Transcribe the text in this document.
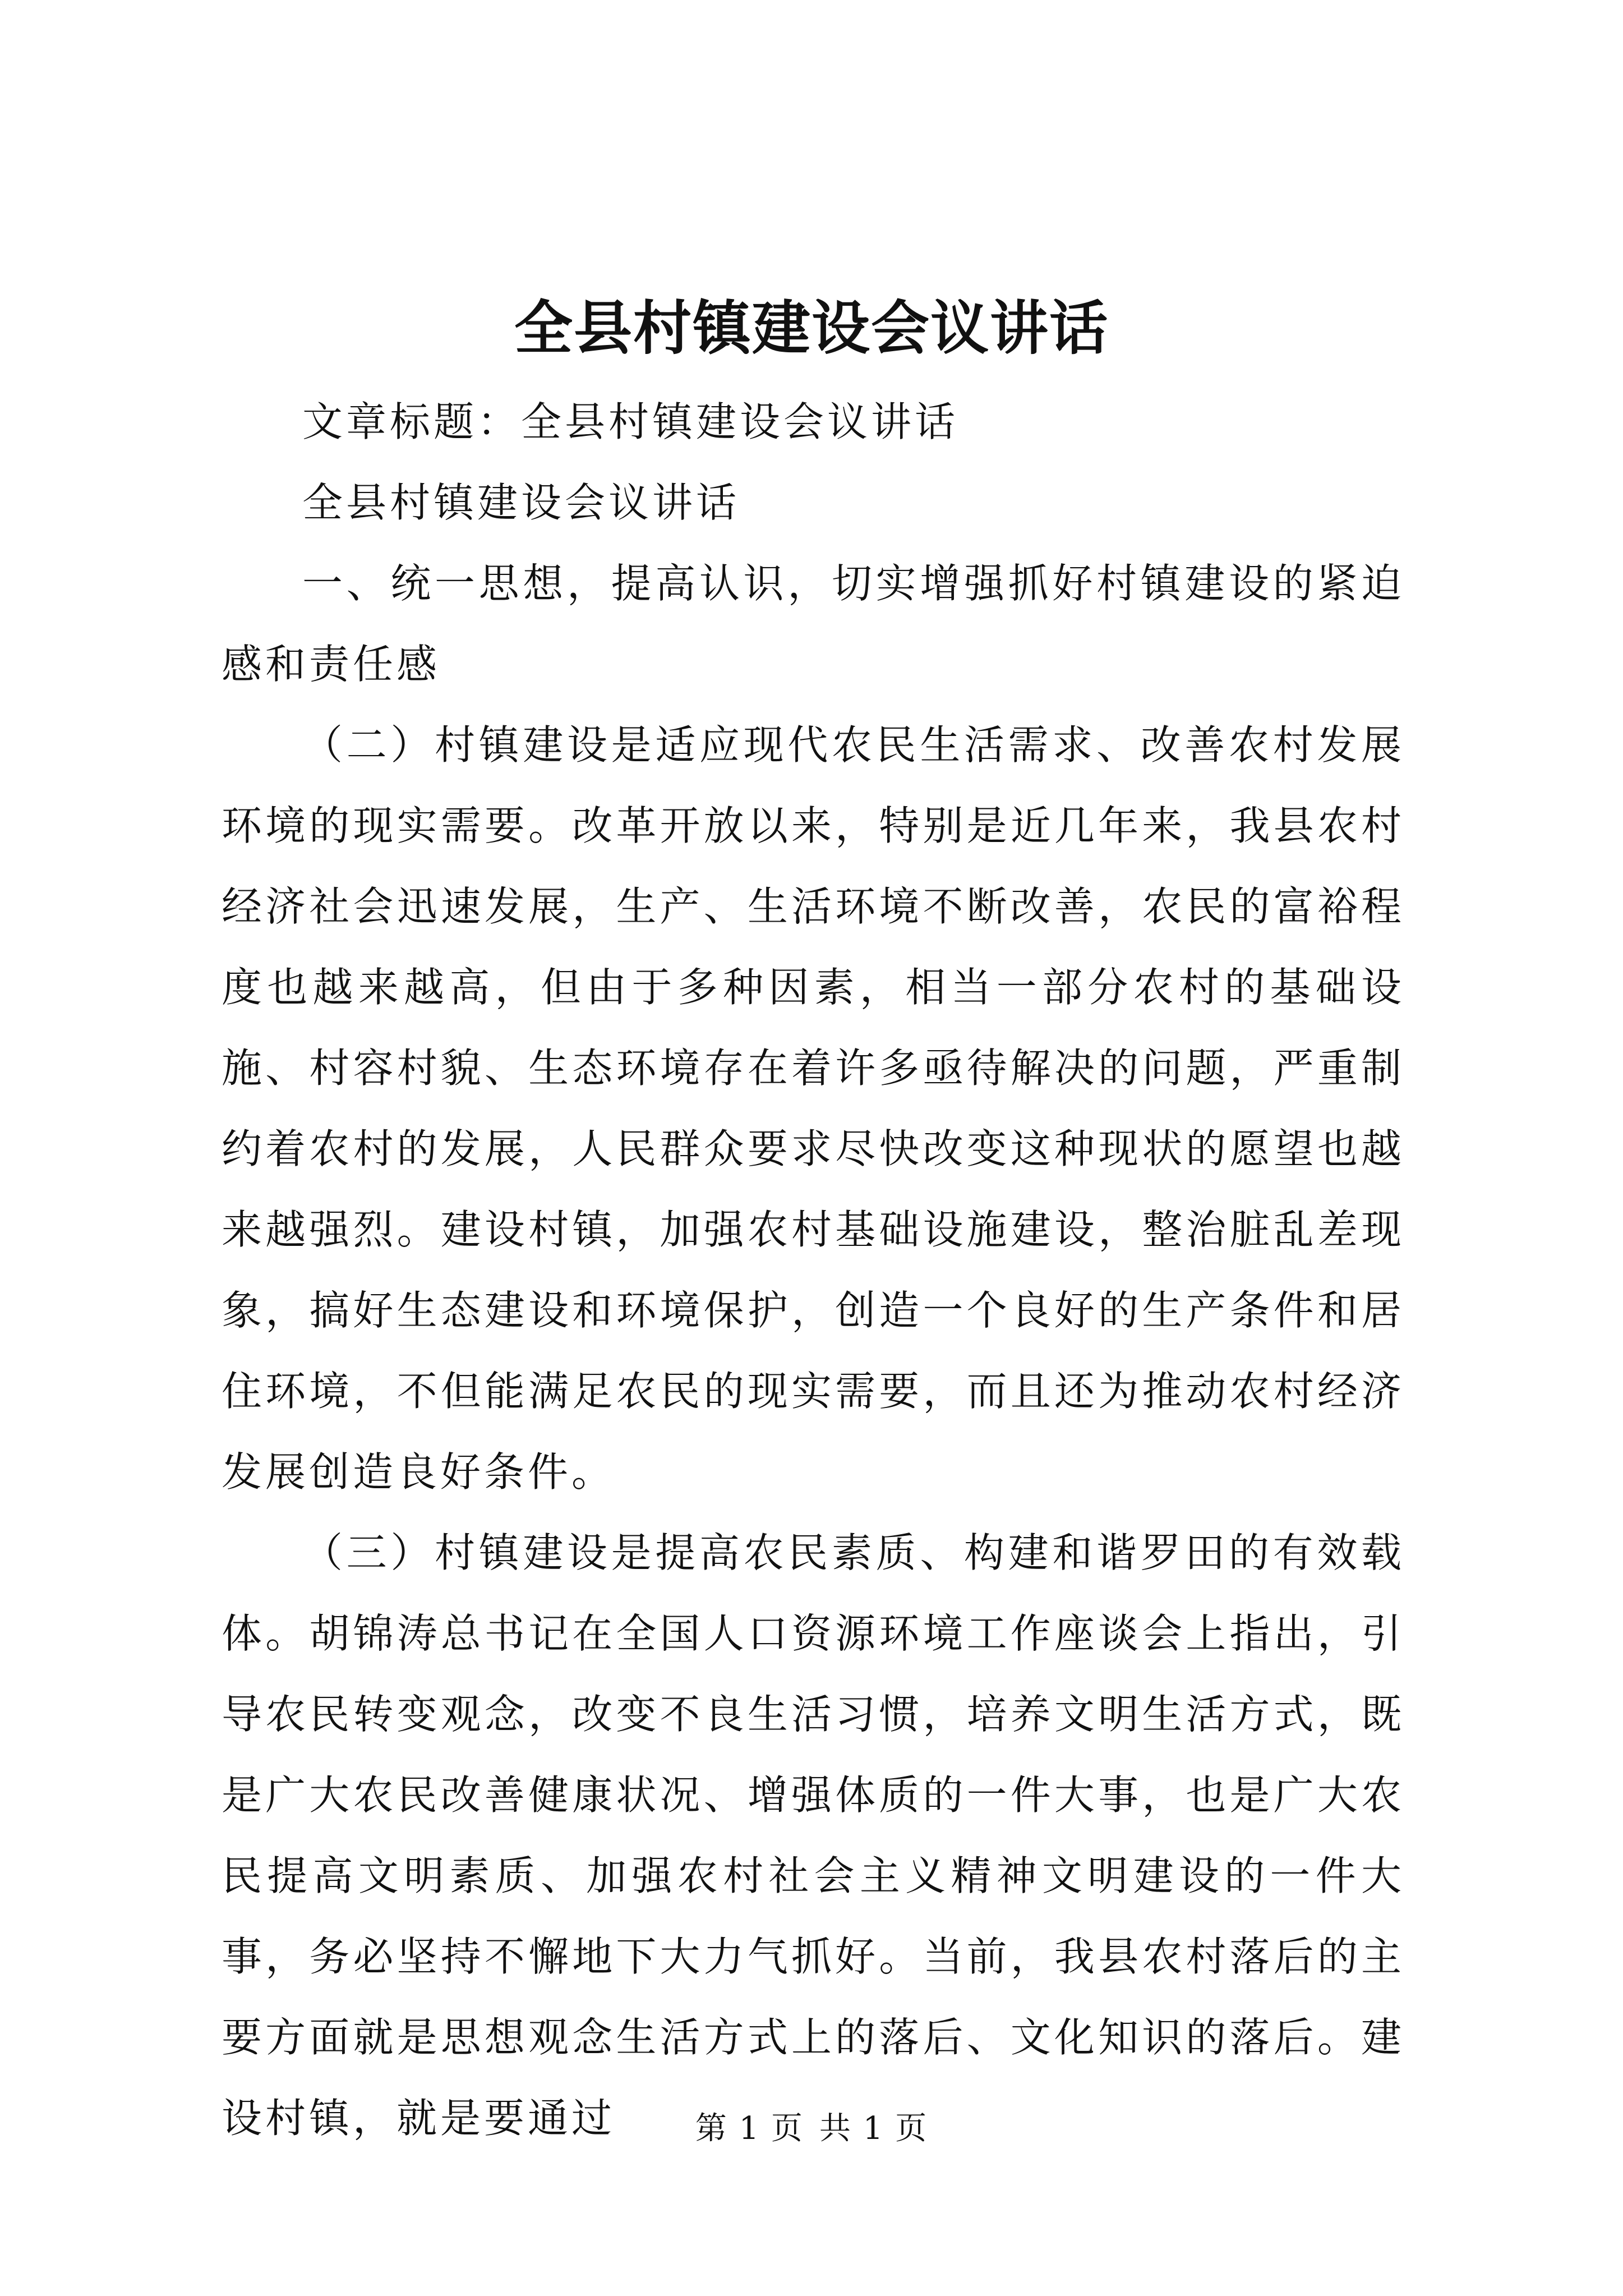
全县村镇建设会议讲话

文章标题：全县村镇建设会议讲话

全县村镇建设会议讲话

一、统一思想，提高认识，切实增强抓好村镇建设的紧迫感和责任感

（二）村镇建设是适应现代农民生活需求、改善农村发展环境的现实需要。改革开放以来，特别是近几年来，我县农村经济社会迅速发展，生产、生活环境不断改善，农民的富裕程度也越来越高，但由于多种因素，相当一部分农村的基础设施、村容村貌、生态环境存在着许多亟待解决的问题，严重制约着农村的发展，人民群众要求尽快改变这种现状的愿望也越来越强烈。建设村镇，加强农村基础设施建设，整治脏乱差现象，搞好生态建设和环境保护，创造一个良好的生产条件和居住环境，不但能满足农民的现实需要，而且还为推动农村经济发展创造良好条件。

（三）村镇建设是提高农民素质、构建和谐罗田的有效载体。胡锦涛总书记在全国人口资源环境工作座谈会上指出，引导农民转变观念，改变不良生活习惯，培养文明生活方式，既是广大农民改善健康状况、增强体质的一件大事，也是广大农民提高文明素质、加强农村社会主义精神文明建设的一件大事，务必坚持不懈地下大力气抓好。当前，我县农村落后的主要方面就是思想观念生活方式上的落后、文化知识的落后。建设村镇，就是要通过	第 1 页 共 1 页
